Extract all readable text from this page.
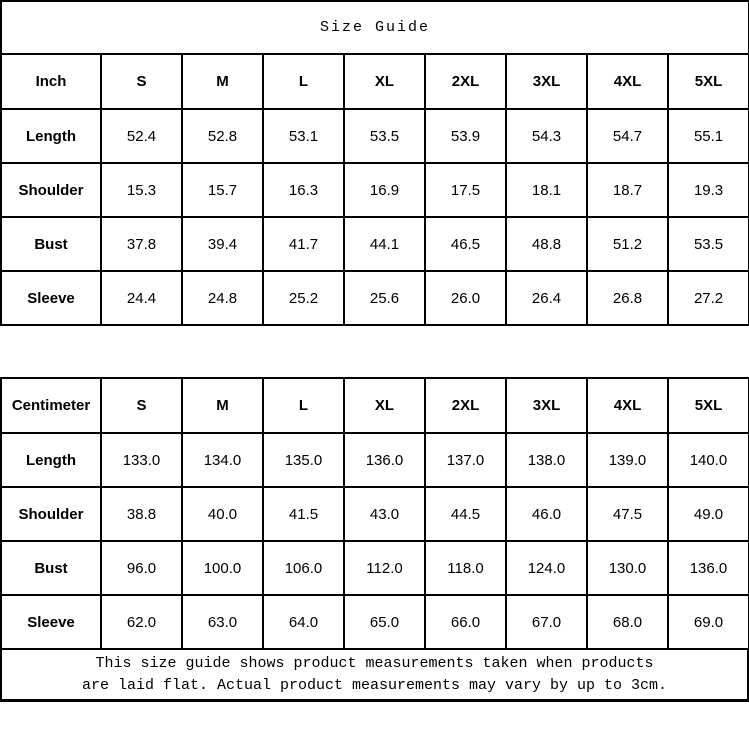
Size Guide								
Inch	S	M	L	XL	2XL	3XL	4XL	5XL
Length	52.4	52.8	53.1	53.5	53.9	54.3	54.7	55.1
Shoulder	15.3	15.7	16.3	16.9	17.5	18.1	18.7	19.3
Bust	37.8	39.4	41.7	44.1	46.5	48.8	51.2	53.5
Sleeve	24.4	24.8	25.2	25.6	26.0	26.4	26.8	27.2
Centimeter	S	M	L	XL	2XL	3XL	4XL	5XL
Length	133.0	134.0	135.0	136.0	137.0	138.0	139.0	140.0
Shoulder	38.8	40.0	41.5	43.0	44.5	46.0	47.5	49.0
Bust	96.0	100.0	106.0	112.0	118.0	124.0	130.0	136.0
Sleeve	62.0	63.0	64.0	65.0	66.0	67.0	68.0	69.0
This size guide shows product measurements taken when products
are laid flat. Actual product measurements may vary by up to 3cm.
